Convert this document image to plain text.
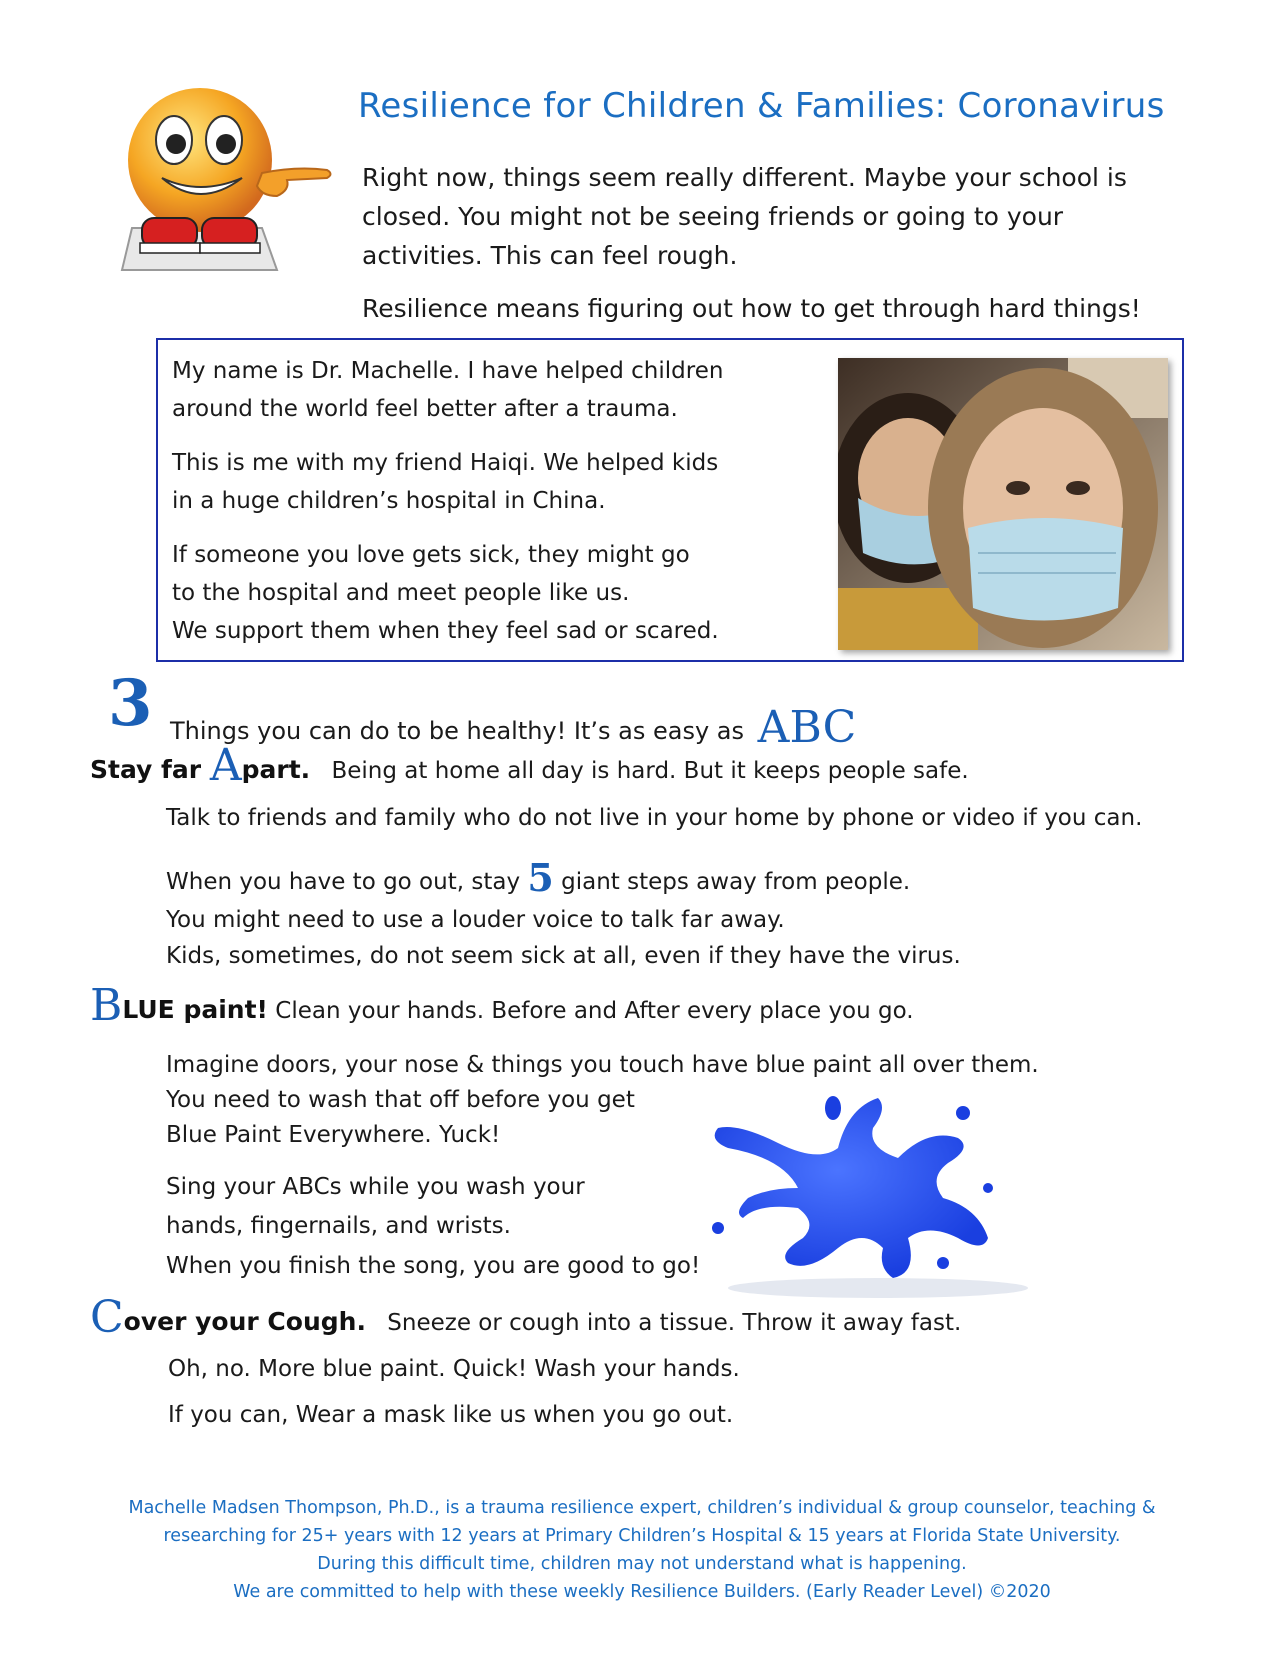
Resilience for Children & Families: Coronavirus

Right now, things seem really different. Maybe your school is

closed. You might not be seeing friends or going to your

activities. This can feel rough.

Resilience means figuring out how to get through hard things!

My name is Dr. Machelle. I have helped children
around the world feel better after a trauma.

This is me with my friend Haiqi. We helped kids
in a huge children’s hospital in China.

If someone you love gets sick, they might go
to the hospital and meet people like us.
We support them when they feel sad or scared.

3 Things you can do to be healthy! It’s as easy as ABC
Stay far Apart. Being at home all day is hard. But it keeps people safe.
Talk to friends and family who do not live in your home by phone or video if you can.
When you have to go out, stay 5 giant steps away from people.
You might need to use a louder voice to talk far away.
Kids, sometimes, do not seem sick at all, even if they have the virus.
BLUE paint! Clean your hands. Before and After every place you go.
Imagine doors, your nose & things you touch have blue paint all over them.
You need to wash that off before you get
Blue Paint Everywhere. Yuck!
Sing your ABCs while you wash your
hands, fingernails, and wrists.
When you finish the song, you are good to go!
Cover your Cough. Sneeze or cough into a tissue. Throw it away fast.
Oh, no. More blue paint. Quick! Wash your hands.
If you can, Wear a mask like us when you go out.

Machelle Madsen Thompson, Ph.D., is a trauma resilience expert, children’s individual & group counselor, teaching &

researching for 25+ years with 12 years at Primary Children’s Hospital & 15 years at Florida State University.

During this difficult time, children may not understand what is happening.

We are committed to help with these weekly Resilience Builders. (Early Reader Level) ©2020
